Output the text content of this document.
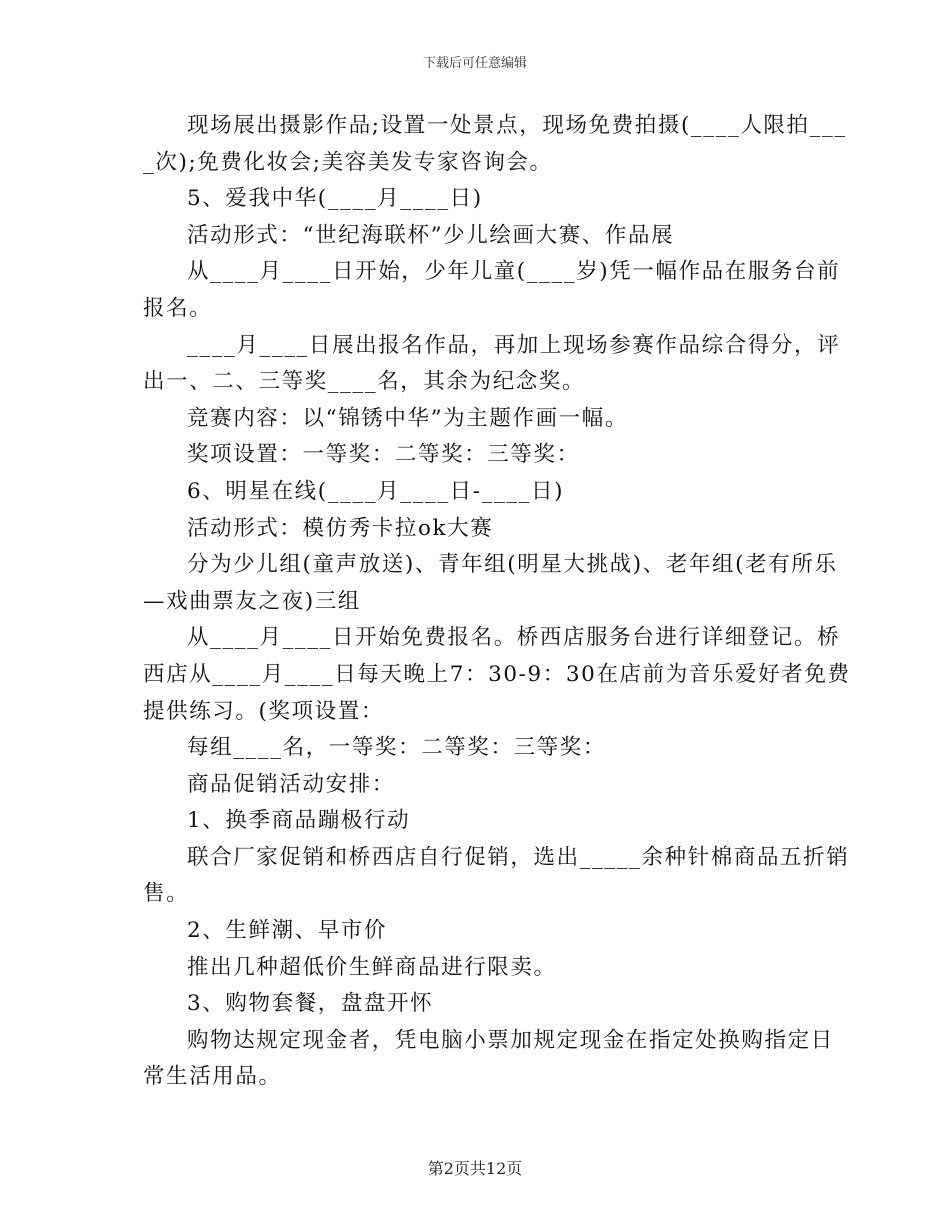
下载后可任意编辑
现场展出摄影作品;设置一处景点，现场免费拍摄(____人限拍___
_次);免费化妆会;美容美发专家咨询会。
5、爱我中华(____月____日)
活动形式：“世纪海联杯”少儿绘画大赛、作品展
从____月____日开始，少年儿童(____岁)凭一幅作品在服务台前
报名。
____月____日展出报名作品，再加上现场参赛作品综合得分，评
出一、二、三等奖____名，其余为纪念奖。
竞赛内容：以“锦锈中华”为主题作画一幅。
奖项设置：一等奖：二等奖：三等奖：
6、明星在线(____月____日-____日)
活动形式：模仿秀卡拉ok大赛
分为少儿组(童声放送)、青年组(明星大挑战)、老年组(老有所乐
—戏曲票友之夜)三组
从____月____日开始免费报名。桥西店服务台进行详细登记。桥
西店从____月____日每天晚上7：30-9：30在店前为音乐爱好者免费
提供练习。(奖项设置：
每组____名，一等奖：二等奖：三等奖：
商品促销活动安排：
1、换季商品蹦极行动
联合厂家促销和桥西店自行促销，选出_____余种针棉商品五折销
售。
2、生鲜潮、早市价
推出几种超低价生鲜商品进行限卖。
3、购物套餐，盘盘开怀
购物达规定现金者，凭电脑小票加规定现金在指定处换购指定日
常生活用品。
第2页共12页
